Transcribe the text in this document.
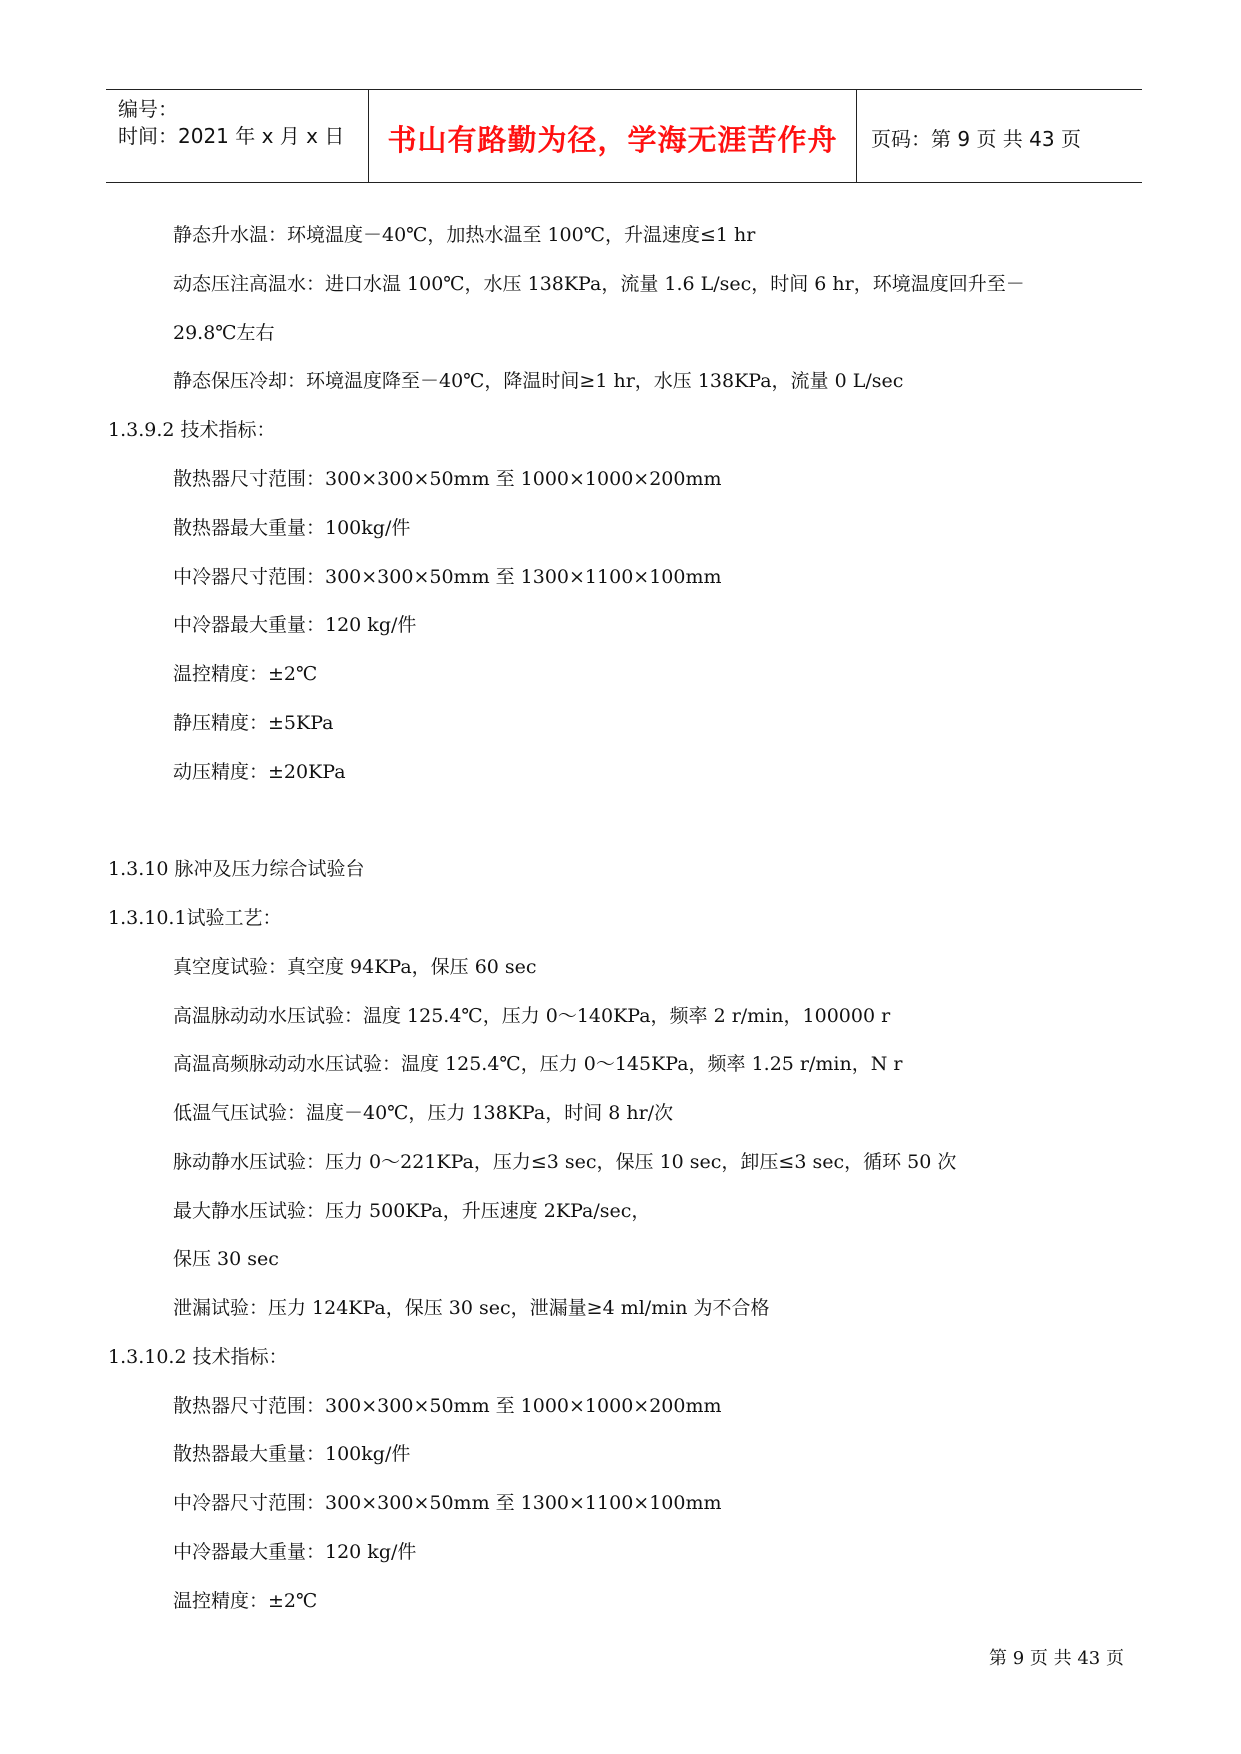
编号：
时间：2021 年 x 月 x 日	书山有路勤为径，学海无涯苦作舟	页码：第 9 页 共 43 页
静态升水温：环境温度－40℃，加热水温至 100℃，升温速度≤1 hr
动态压注高温水：进口水温 100℃，水压 138KPa，流量 1.6 L/sec，时间 6 hr，环境温度回升至－
29.8℃左右
静态保压冷却：环境温度降至－40℃，降温时间≥1 hr，水压 138KPa，流量 0 L/sec
1.3.9.2 技术指标：
散热器尺寸范围：300×300×50mm 至 1000×1000×200mm
散热器最大重量：100kg/件
中冷器尺寸范围：300×300×50mm 至 1300×1100×100mm
中冷器最大重量：120 kg/件
温控精度：±2℃
静压精度：±5KPa
动压精度：±20KPa
1.3.10 脉冲及压力综合试验台
1.3.10.1试验工艺：
真空度试验：真空度 94KPa，保压 60 sec
高温脉动动水压试验：温度 125.4℃，压力 0～140KPa，频率 2 r/min，100000 r
高温高频脉动动水压试验：温度 125.4℃，压力 0～145KPa，频率 1.25 r/min，N r
低温气压试验：温度－40℃，压力 138KPa，时间 8 hr/次
脉动静水压试验：压力 0～221KPa，压力≤3 sec，保压 10 sec，卸压≤3 sec，循环 50 次
最大静水压试验：压力 500KPa，升压速度 2KPa/sec，
保压 30 sec
泄漏试验：压力 124KPa，保压 30 sec，泄漏量≥4 ml/min 为不合格
1.3.10.2 技术指标：
散热器尺寸范围：300×300×50mm 至 1000×1000×200mm
散热器最大重量：100kg/件
中冷器尺寸范围：300×300×50mm 至 1300×1100×100mm
中冷器最大重量：120 kg/件
温控精度：±2℃
第 9 页 共 43 页
